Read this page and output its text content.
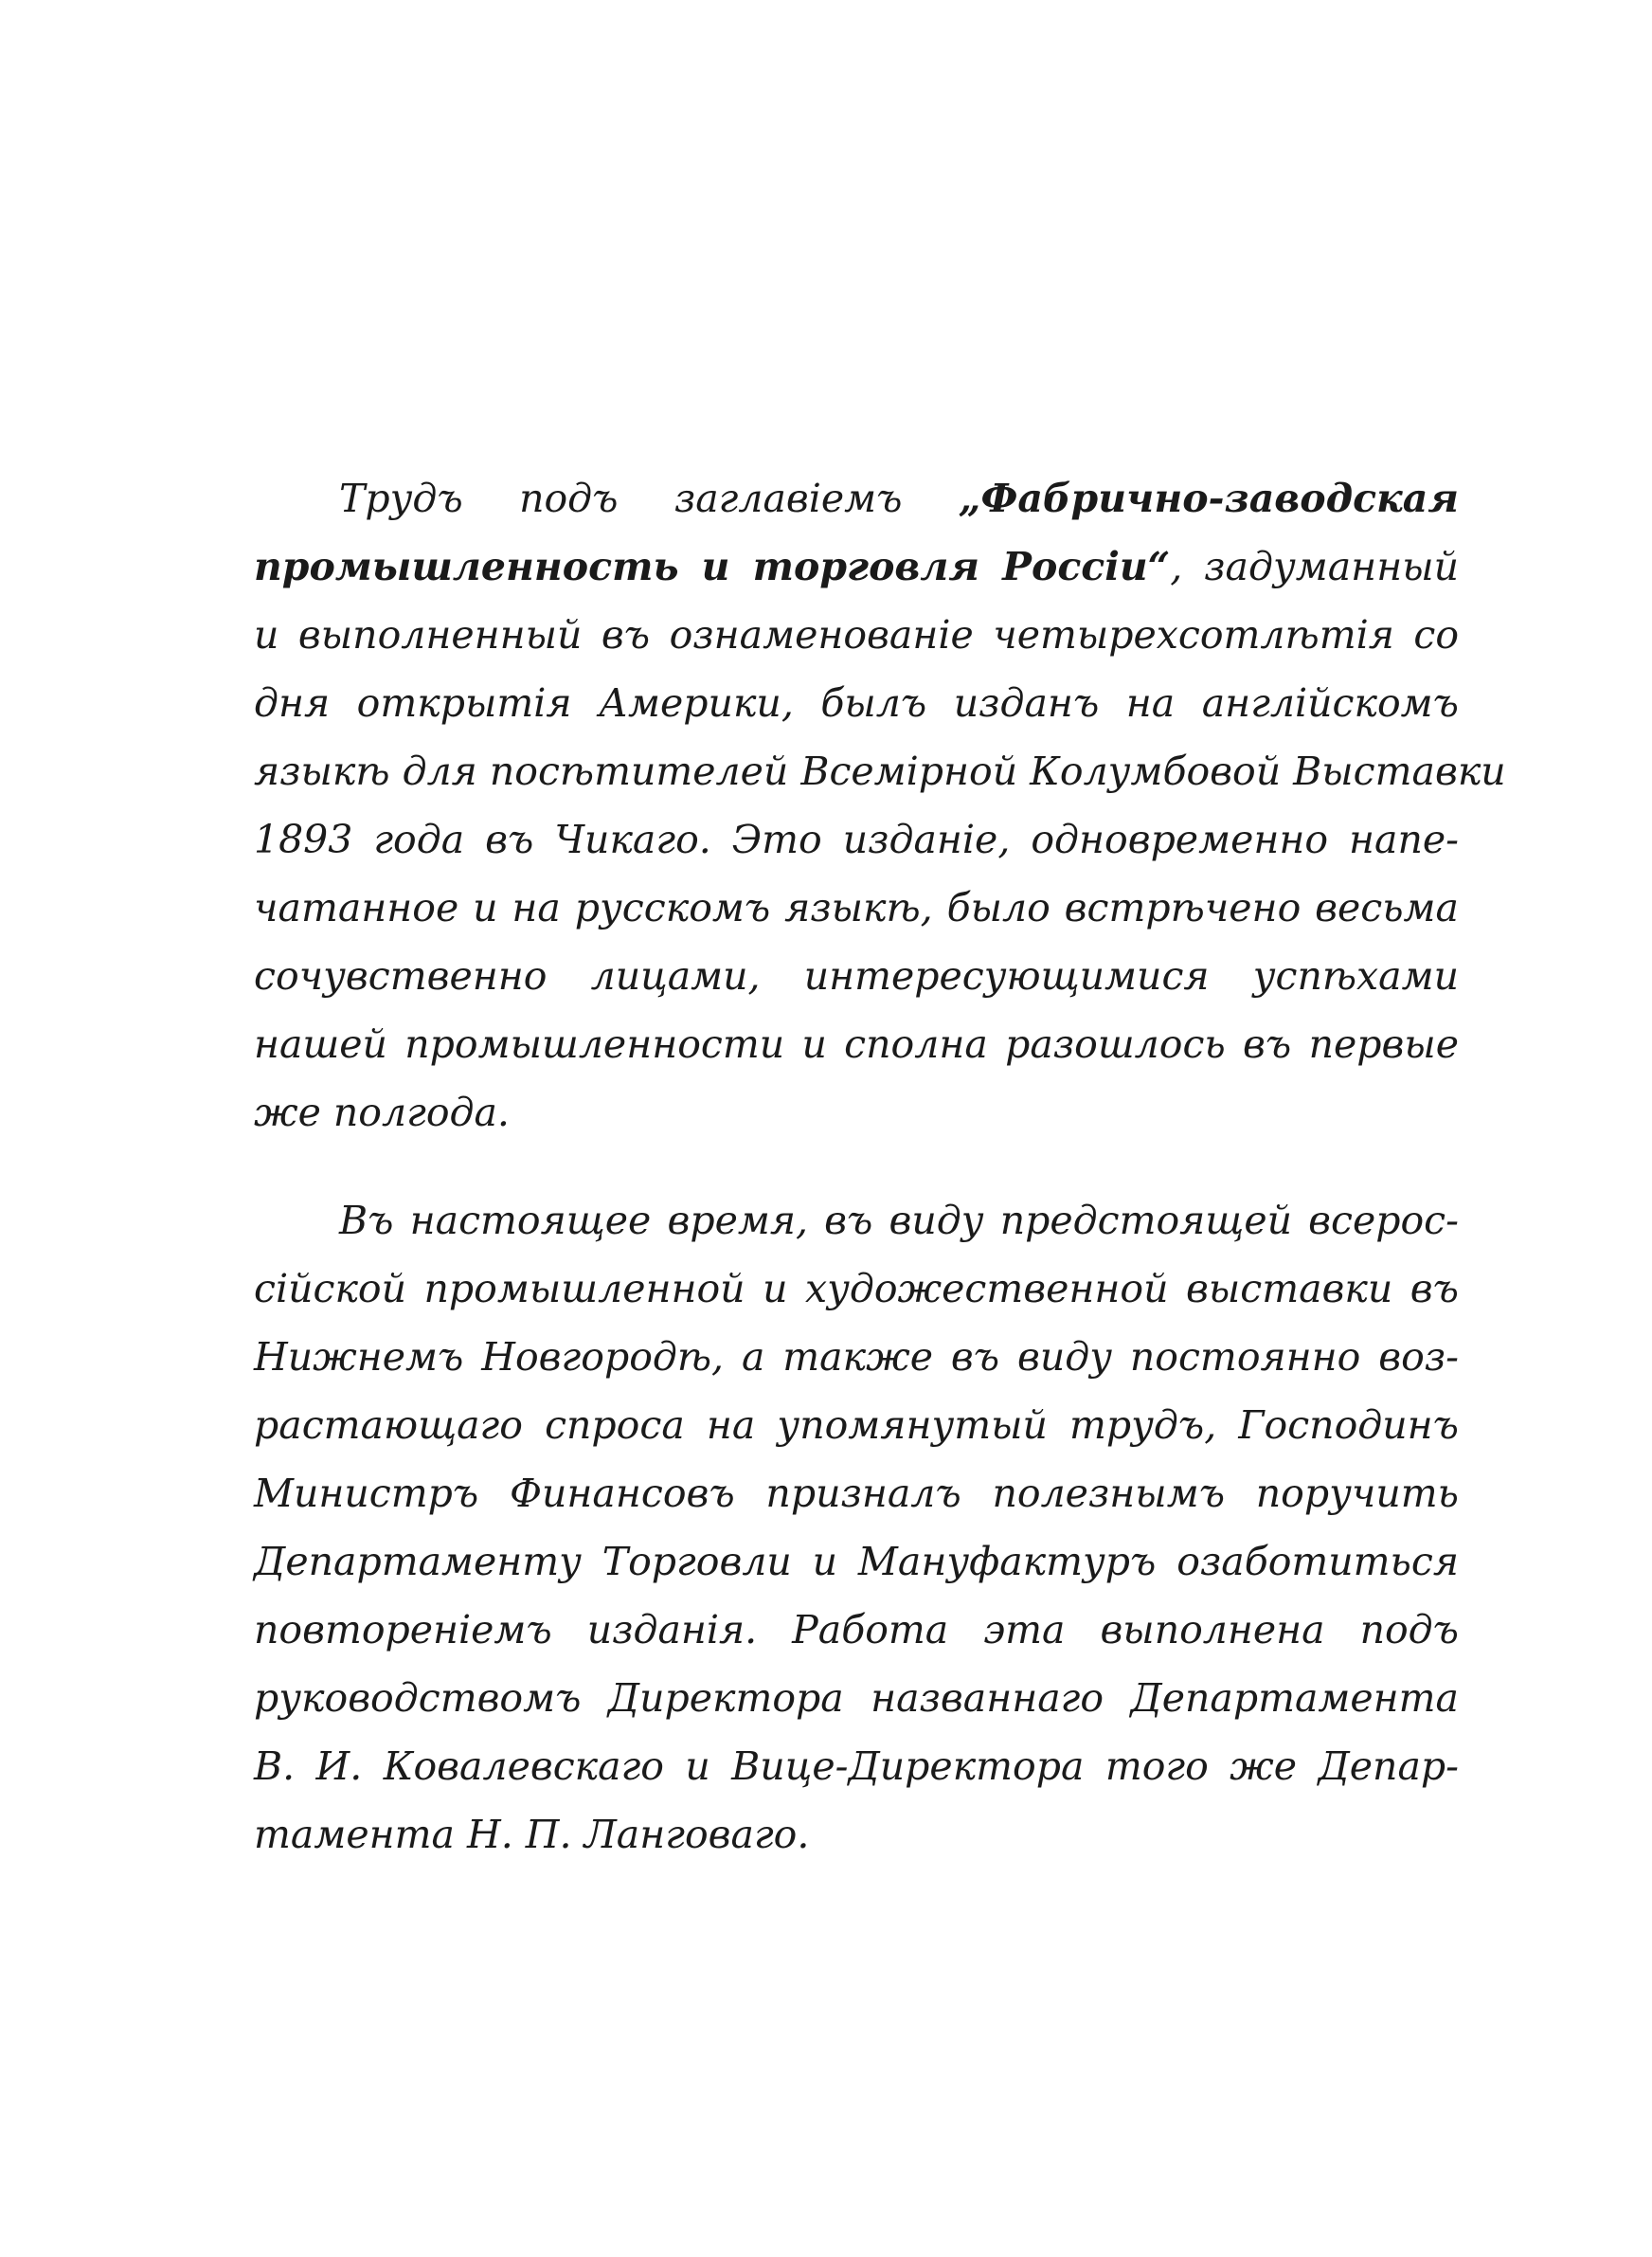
Трудъ подъ заглавіемъ „Фабрично-заводская
промышленность и торговля Россіи“, задуманный
и выполненный въ ознаменованіе четырехсотлѣтія со
дня открытія Америки, былъ изданъ на англійскомъ
языкѣ для посѣтителей Всемірной Колумбовой Выставки
1893 года въ Чикаго. Это изданіе, одновременно напе-
чатанное и на русскомъ языкѣ, было встрѣчено весьма
сочувственно лицами, интересующимися успѣхами
нашей промышленности и сполна разошлось въ первые
же полгода.
Въ настоящее время, въ виду предстоящей всерос-
сійской промышленной и художественной выставки въ
Нижнемъ Новгородѣ, а также въ виду постоянно воз-
растающаго спроса на упомянутый трудъ, Господинъ
Министръ Финансовъ призналъ полезнымъ поручить
Департаменту Торговли и Мануфактуръ озаботиться
повтореніемъ изданія. Работа эта выполнена подъ
руководствомъ Директора названнаго Департамента
В. И. Ковалевскаго и Вице-Директора того же Депар-
тамента Н. П. Ланговаго.
